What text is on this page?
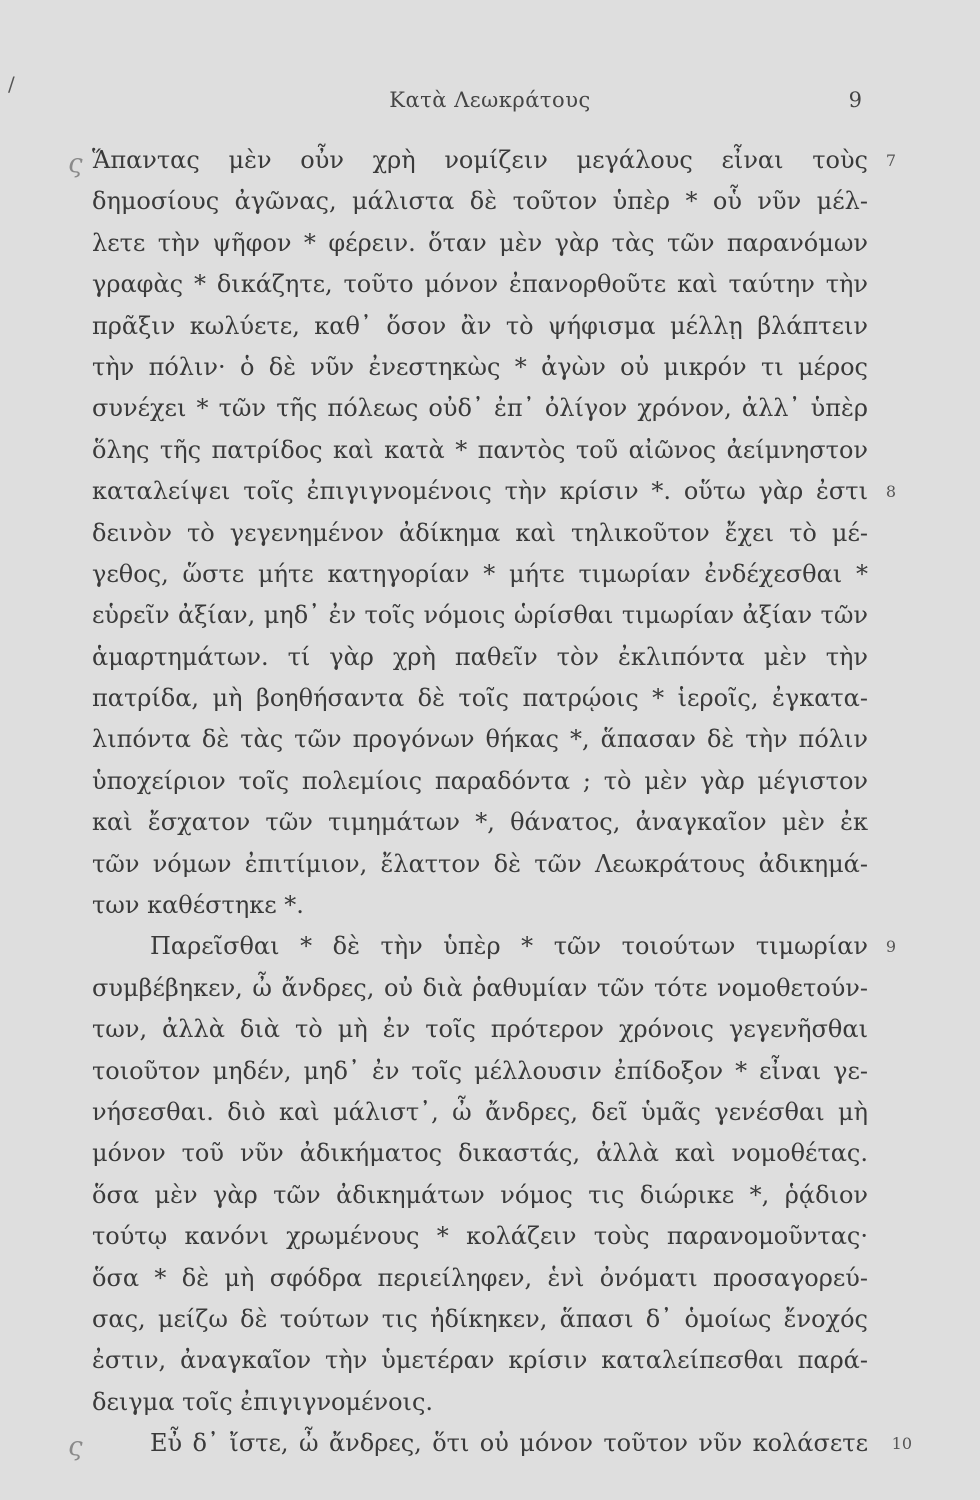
/
Κατὰ Λεωκράτους	9
Ἅπαντας μὲν οὖν χρὴ νομίζειν μεγάλους εἶναι τοὺς 7
ς
δημοσίους ἀγῶνας, μάλιστα δὲ τοῦτον ὑπὲρ * οὗ νῦν μέλ-
λετε τὴν ψῆφον * φέρειν. ὅταν μὲν γὰρ τὰς τῶν παρανόμων
γραφὰς * δικάζητε, τοῦτο μόνον ἐπανορθοῦτε καὶ ταύτην τὴν
πρᾶξιν κωλύετε, καθ᾽ ὅσον ἂν τὸ ψήφισμα μέλλῃ βλάπτειν
τὴν πόλιν· ὁ δὲ νῦν ἐνεστηκὼς * ἀγὼν οὐ μικρόν τι μέρος
συνέχει * τῶν τῆς πόλεως οὐδ᾽ ἐπ᾽ ὀλίγον χρόνον, ἀλλ᾽ ὑπὲρ
ὅλης τῆς πατρίδος καὶ κατὰ * παντὸς τοῦ αἰῶνος ἀείμνηστον
καταλείψει τοῖς ἐπιγιγνομένοις τὴν κρίσιν *. οὕτω γὰρ ἐστι 8
δεινὸν τὸ γεγενημένον ἀδίκημα καὶ τηλικοῦτον ἔχει τὸ μέ-
γεθος, ὥστε μήτε κατηγορίαν * μήτε τιμωρίαν ἐνδέχεσθαι *
εὑρεῖν ἀξίαν, μηδ᾽ ἐν τοῖς νόμοις ὡρίσθαι τιμωρίαν ἀξίαν τῶν
ἁμαρτημάτων. τί γὰρ χρὴ παθεῖν τὸν ἐκλιπόντα μὲν τὴν
πατρίδα, μὴ βοηθήσαντα δὲ τοῖς πατρῴοις * ἱεροῖς, ἐγκατα-
λιπόντα δὲ τὰς τῶν προγόνων θήκας *, ἅπασαν δὲ τὴν πόλιν
ὑποχείριον τοῖς πολεμίοις παραδόντα ; τὸ μὲν γὰρ μέγιστον
καὶ ἔσχατον τῶν τιμημάτων *, θάνατος, ἀναγκαῖον μὲν ἐκ
τῶν νόμων ἐπιτίμιον, ἔλαττον δὲ τῶν Λεωκράτους ἀδικημά-
των καθέστηκε *.
Παρεῖσθαι * δὲ τὴν ὑπὲρ * τῶν τοιούτων τιμωρίαν 9
συμβέβηκεν, ὦ ἄνδρες, οὐ διὰ ῥαθυμίαν τῶν τότε νομοθετούν-
των, ἀλλὰ διὰ τὸ μὴ ἐν τοῖς πρότερον χρόνοις γεγενῆσθαι
τοιοῦτον μηδέν, μηδ᾽ ἐν τοῖς μέλλουσιν ἐπίδοξον * εἶναι γε-
νήσεσθαι. διὸ καὶ μάλιστ᾽, ὦ ἄνδρες, δεῖ ὑμᾶς γενέσθαι μὴ
μόνον τοῦ νῦν ἀδικήματος δικαστάς, ἀλλὰ καὶ νομοθέτας.
ὅσα μὲν γὰρ τῶν ἀδικημάτων νόμος τις διώρικε *, ῥᾴδιον
τούτῳ κανόνι χρωμένους * κολάζειν τοὺς παρανομοῦντας·
ὅσα * δὲ μὴ σφόδρα περιείληφεν, ἑνὶ ὀνόματι προσαγορεύ-
σας, μείζω δὲ τούτων τις ἠδίκηκεν, ἅπασι δ᾽ ὁμοίως ἔνοχός
ἐστιν, ἀναγκαῖον τὴν ὑμετέραν κρίσιν καταλείπεσθαι παρά-
δειγμα τοῖς ἐπιγιγνομένοις.
Εὖ δ᾽ ἴστε, ὦ ἄνδρες, ὅτι οὐ μόνον τοῦτον νῦν κολάσετε 10
ς
